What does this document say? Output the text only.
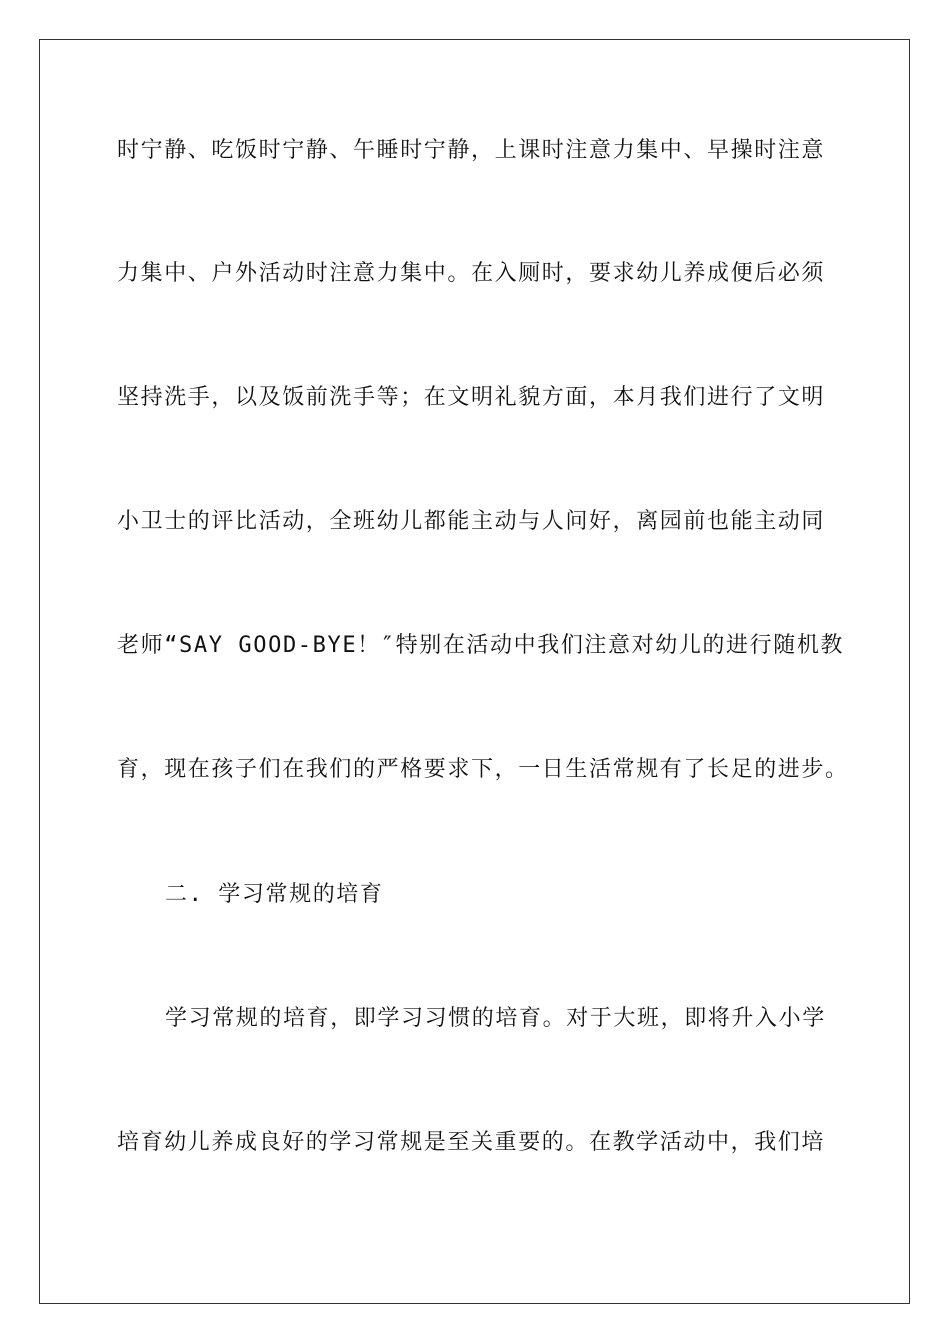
时宁静、吃饭时宁静、午睡时宁静，上课时注意力集中、早操时注意
力集中、户外活动时注意力集中。在入厕时，要求幼儿养成便后必须
坚持洗手，以及饭前洗手等；在文明礼貌方面，本月我们进行了文明
小卫士的评比活动，全班幼儿都能主动与人问好，离园前也能主动同
老师“SAY GOOD-BYE！″特别在活动中我们注意对幼儿的进行随机教
育，现在孩子们在我们的严格要求下，一日生活常规有了长足的进步。
二. 学习常规的培育
学习常规的培育，即学习习惯的培育。对于大班，即将升入小学
培育幼儿养成良好的学习常规是至关重要的。在教学活动中，我们培
